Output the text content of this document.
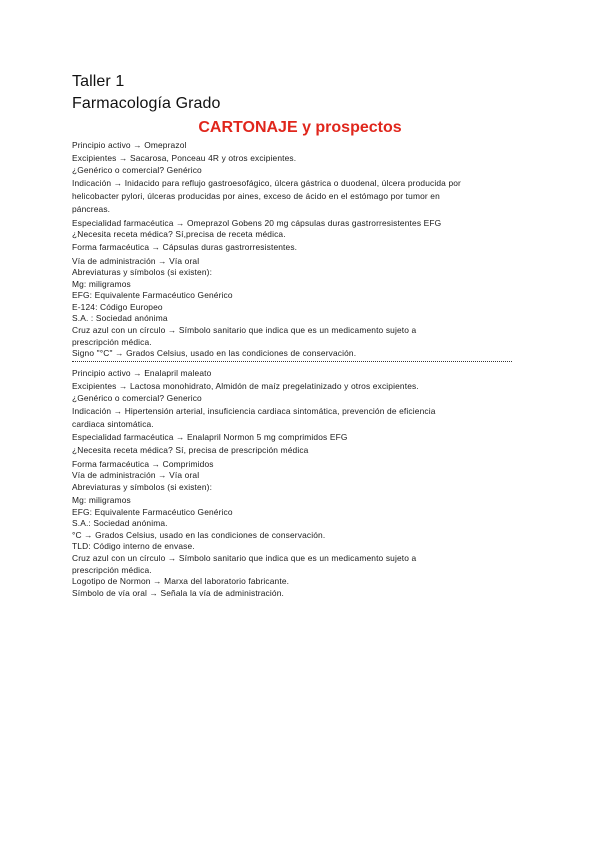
Taller 1
Farmacología Grado
CARTONAJE y prospectos
Principio activo → Omeprazol
Excipientes → Sacarosa, Ponceau 4R y otros excipientes.
¿Genérico o comercial? Genérico
Indicación → Inidacido para reflujo gastroesofágico, úlcera gástrica o duodenal, úlcera producida por
helicobacter pylori, úlceras producidas por aines, exceso de ácido en el estómago por tumor en
páncreas.
Especialidad farmacéutica → Omeprazol Gobens 20 mg cápsulas duras gastrorresistentes EFG
¿Necesita receta médica? Sí,precisa de receta médica.
Forma farmacéutica → Cápsulas duras gastrorresistentes.
Vía de administración → Vía oral
Abreviaturas y símbolos (si existen):
Mg: miligramos
EFG: Equivalente Farmacéutico Genérico
E-124: Código Europeo
S.A. : Sociedad anónima
Cruz azul con un círculo → Símbolo sanitario que indica que es un medicamento sujeto a
prescripción médica.
Signo "°C" → Grados Celsius, usado en las condiciones de conservación.
Principio activo → Enalapril maleato
Excipientes → Lactosa monohidrato, Almidón de maíz pregelatinizado y otros excipientes.
¿Genérico o comercial? Generico
Indicación → Hipertensión arterial, insuficiencia cardiaca sintomática, prevención de eficiencia
cardiaca sintomática.
Especialidad farmacéutica → Enalapril Normon 5 mg comprimidos EFG
¿Necesita receta médica? Sí, precisa de prescripción médica
Forma farmacéutica → Comprimidos
Vía de administración → Vía oral
Abreviaturas y símbolos (si existen):
Mg: miligramos
EFG: Equivalente Farmacéutico Genérico
S.A.: Sociedad anónima.
°C → Grados Celsius, usado en las condiciones de conservación.
TLD: Código interno de envase.
Cruz azul con un círculo → Símbolo sanitario que indica que es un medicamento sujeto a
prescripción médica.
Logotipo de Normon → Marxa del laboratorio fabricante.
Símbolo de vía oral → Señala la vía de administración.
